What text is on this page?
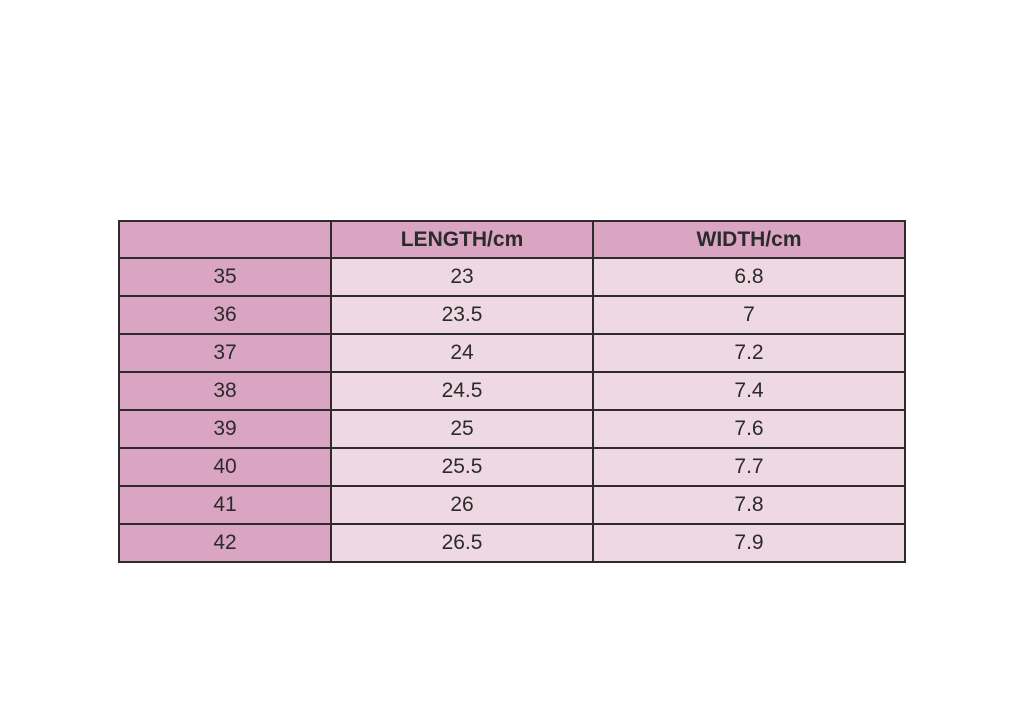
	LENGTH/cm	WIDTH/cm
35	23	6.8
36	23.5	7
37	24	7.2
38	24.5	7.4
39	25	7.6
40	25.5	7.7
41	26	7.8
42	26.5	7.9
